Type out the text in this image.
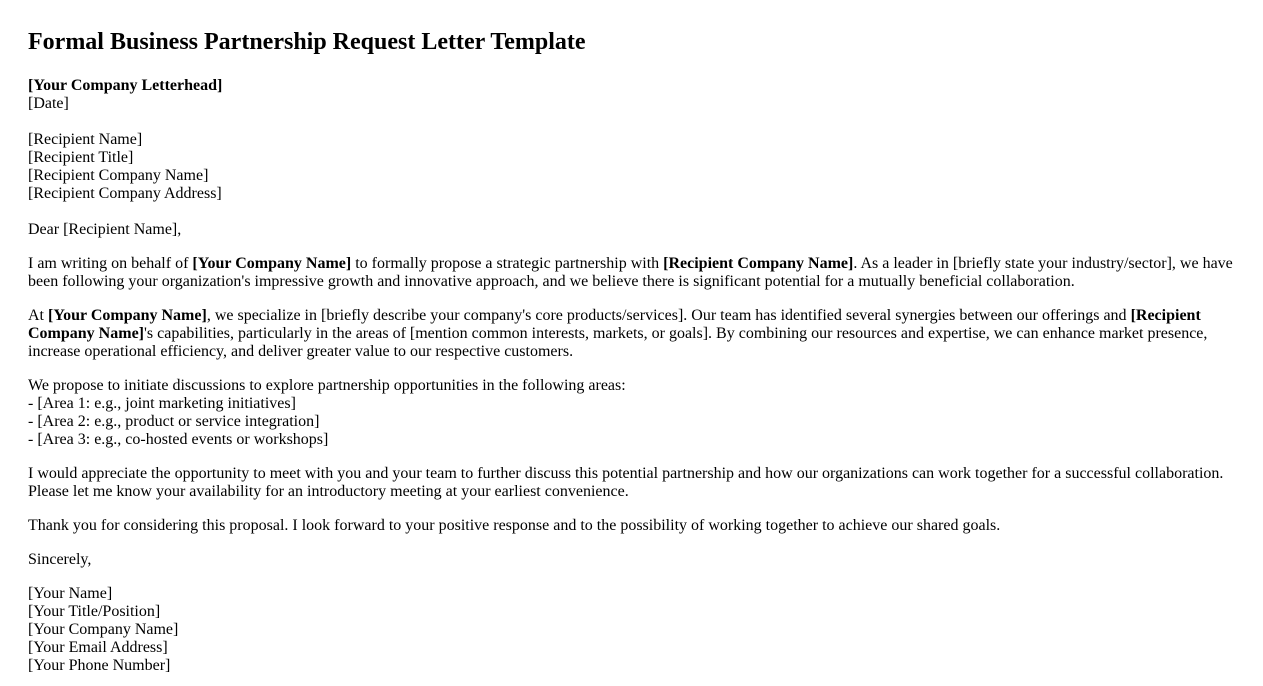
Formal Business Partnership Request Letter Template
[Your Company Letterhead]
[Date]
[Recipient Name]
[Recipient Title]
[Recipient Company Name]
[Recipient Company Address]

Dear [Recipient Name],

I am writing on behalf of [Your Company Name] to formally propose a strategic partnership with [Recipient Company Name]. As a leader in [briefly state your industry/sector], we have been following your organization's impressive growth and innovative approach, and we believe there is significant potential for a mutually beneficial collaboration.

At [Your Company Name], we specialize in [briefly describe your company's core products/services]. Our team has identified several synergies between our offerings and [Recipient Company Name]'s capabilities, particularly in the areas of [mention common interests, markets, or goals]. By combining our resources and expertise, we can enhance market presence, increase operational efficiency, and deliver greater value to our respective customers.

We propose to initiate discussions to explore partnership opportunities in the following areas:
- [Area 1: e.g., joint marketing initiatives]
- [Area 2: e.g., product or service integration]
- [Area 3: e.g., co-hosted events or workshops]

I would appreciate the opportunity to meet with you and your team to further discuss this potential partnership and how our organizations can work together for a successful collaboration. Please let me know your availability for an introductory meeting at your earliest convenience.

Thank you for considering this proposal. I look forward to your positive response and to the possibility of working together to achieve our shared goals.

Sincerely,

[Your Name]
[Your Title/Position]
[Your Company Name]
[Your Email Address]
[Your Phone Number]
